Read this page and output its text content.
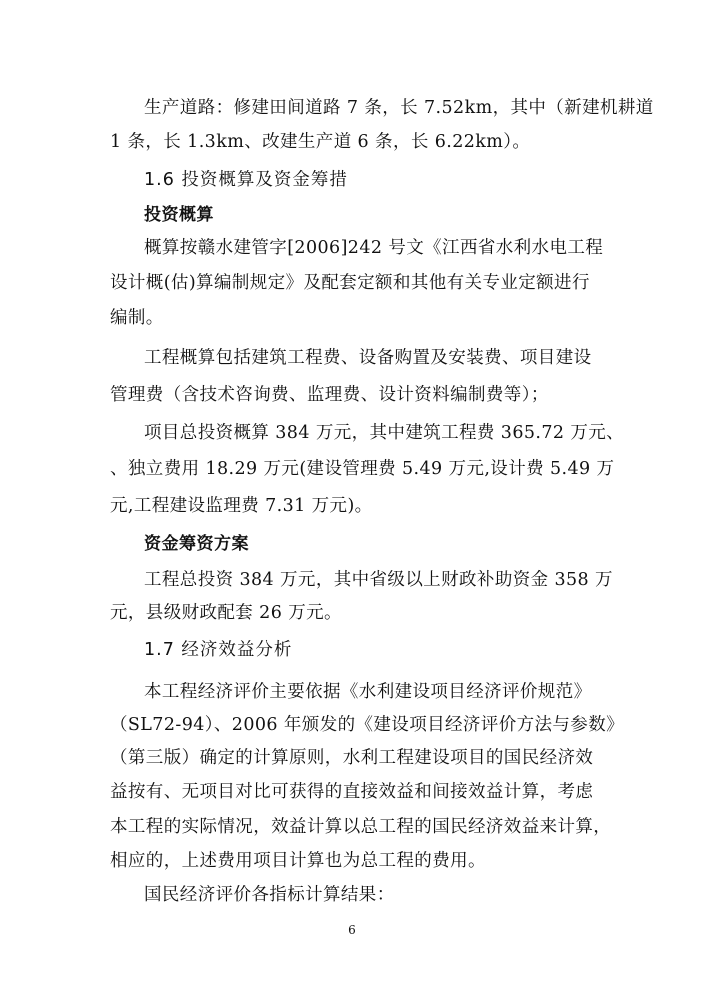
生产道路：修建田间道路 7 条，长 7.52km，其中（新建机耕道
1 条，长 1.3km、改建生产道 6 条，长 6.22km）。
1.6 投资概算及资金筹措
投资概算
概算按赣水建管字[2006]242 号文《江西省水利水电工程
设计概(估)算编制规定》及配套定额和其他有关专业定额进行
编制。
工程概算包括建筑工程费、设备购置及安装费、项目建设
管理费（含技术咨询费、监理费、设计资料编制费等）；
项目总投资概算 384 万元，其中建筑工程费 365.72 万元、
、独立费用 18.29 万元(建设管理费 5.49 万元,设计费 5.49 万
元,工程建设监理费 7.31 万元)。
资金筹资方案
工程总投资 384 万元，其中省级以上财政补助资金 358 万
元，县级财政配套 26 万元。
1.7 经济效益分析
本工程经济评价主要依据《水利建设项目经济评价规范》
（SL72-94）、2006 年颁发的《建设项目经济评价方法与参数》
（第三版）确定的计算原则，水利工程建设项目的国民经济效
益按有、无项目对比可获得的直接效益和间接效益计算，考虑
本工程的实际情况，效益计算以总工程的国民经济效益来计算，
相应的，上述费用项目计算也为总工程的费用。
国民经济评价各指标计算结果：
6
